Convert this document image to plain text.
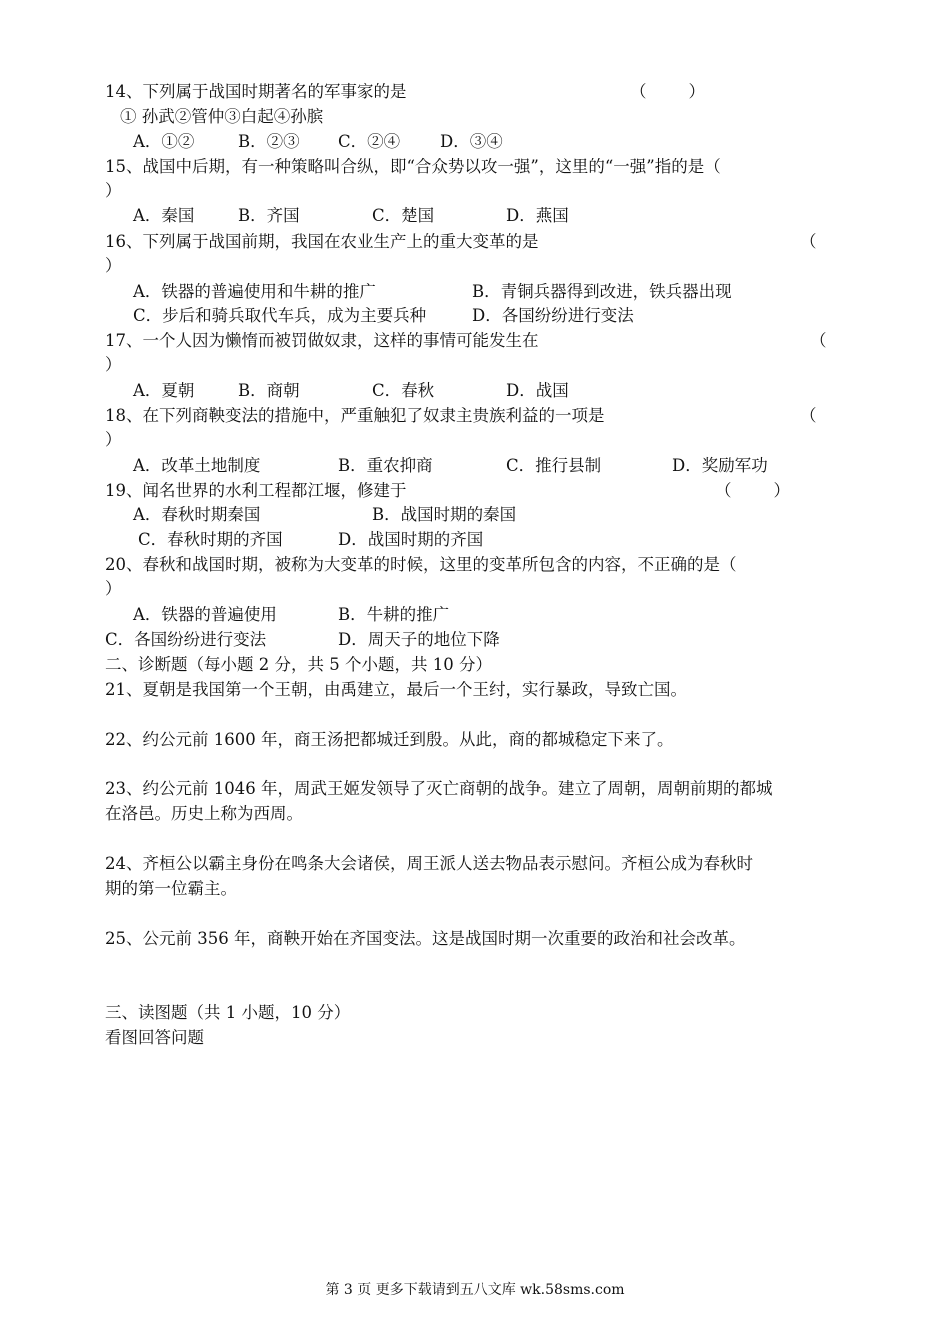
14、下列属于战国时期著名的军事家的是	（        ）
① 孙武②管仲③白起④孙膑
A．①②	B．②③ C．②④ D．③④
15、战国中后期，有一种策略叫合纵，即“合众势以攻一强”，这里的“一强”指的是（
）
A．秦国	B．齐国	C．楚国	D．燕国
16、下列属于战国前期，我国在农业生产上的重大变革的是	（
）
A．铁器的普遍使用和牛耕的推广	B．青铜兵器得到改进，铁兵器出现
C．步后和骑兵取代车兵，成为主要兵种	D．各国纷纷进行变法
17、一个人因为懒惰而被罚做奴隶，这样的事情可能发生在	（
）
A．夏朝	B．商朝	C．春秋	D．战国
18、在下列商鞅变法的措施中，严重触犯了奴隶主贵族利益的一项是	（
）
A．改革土地制度	B．重农抑商	C．推行县制	D．奖励军功
19、闻名世界的水利工程都江堰，修建于	（        ）
A．春秋时期秦国	B．战国时期的秦国
C．春秋时期的齐国	D．战国时期的齐国
20、春秋和战国时期，被称为大变革的时候，这里的变革所包含的内容，不正确的是（
）
A．铁器的普遍使用	B．牛耕的推广
C．各国纷纷进行变法	D．周天子的地位下降
二、诊断题（每小题 2 分，共 5 个小题，共 10 分）
21、夏朝是我国第一个王朝，由禹建立，最后一个王纣，实行暴政，导致亡国。
22、约公元前 1600 年，商王汤把都城迁到殷。从此，商的都城稳定下来了。
23、约公元前 1046 年，周武王姬发领导了灭亡商朝的战争。建立了周朝，周朝前期的都城
在洛邑。历史上称为西周。
24、齐桓公以霸主身份在鸣条大会诸侯，周王派人送去物品表示慰问。齐桓公成为春秋时
期的第一位霸主。
25、公元前 356 年，商鞅开始在齐国变法。这是战国时期一次重要的政治和社会改革。
三、读图题（共 1 小题，10 分）
看图回答问题
第 3 页 更多下载请到五八文库 wk.58sms.com
